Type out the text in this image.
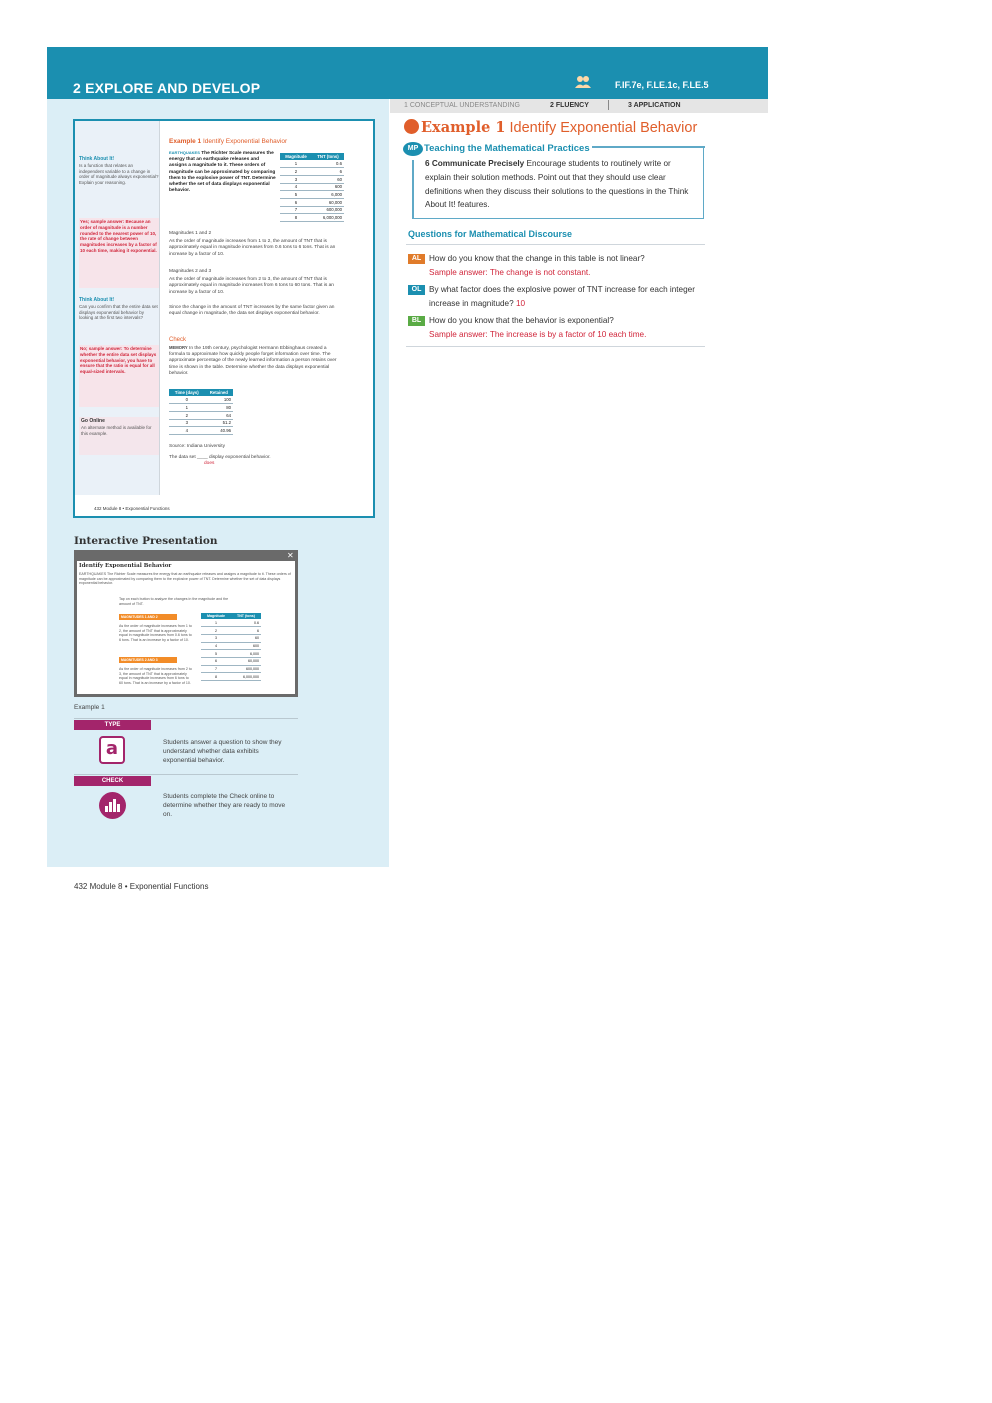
2 EXPLORE AND DEVELOP	F.IF.7e, F.LE.1c, F.LE.5
1 CONCEPTUAL UNDERSTANDING	2 FLUENCY	3 APPLICATION
Think About It!
Is a function that relates an independent variable to a change in order of magnitude always exponential? Explain your reasoning.
Yes; sample answer: Because an order of magnitude is a number rounded to the nearest power of 10, the rate of change between magnitudes increases by a factor of 10 each time, making it exponential.
Think About It!
Can you confirm that the entire data set displays exponential behavior by looking at the first two intervals?
No; sample answer: To determine whether the entire data set displays exponential behavior, you have to ensure that the ratio is equal for all equal-sized intervals.
Go Online
An alternate method is available for this example.
Example 1 Identify Exponential Behavior
EARTHQUAKES The Richter Scale measures the energy that an earthquake releases and assigns a magnitude to it. These orders of magnitude can be approximated by comparing them to the explosive power of TNT. Determine whether the set of data displays exponential behavior.
Magnitude	TNT (tons)
1	0.6
2	6
3	60
4	600
5	6,000
6	60,000
7	600,000
8	6,000,000
Magnitudes 1 and 2
As the order of magnitude increases from 1 to 2, the amount of TNT that is approximately equal in magnitude increases from 0.6 tons to 6 tons. That is an increase by a factor of 10.
Magnitudes 2 and 3
As the order of magnitude increases from 2 to 3, the amount of TNT that is approximately equal in magnitude increases from 6 tons to 60 tons. That is an increase by a factor of 10.
Since the change in the amount of TNT increases by the same factor given an equal change in magnitude, the data set displays exponential behavior.
Check
MEMORY In the 19th century, psychologist Hermann Ebbinghaus created a formula to approximate how quickly people forget information over time. The approximate percentage of the newly learned information a person retains over time is shown in the table. Determine whether the data displays exponential behavior.
Time (days)	Retained
0	100
1	80
2	64
3	51.2
4	40.96
Source: Indiana University
The data set ____ display exponential behavior.
does
432 Module 8 • Exponential Functions
Interactive Presentation
✕
Identify Exponential Behavior
EARTHQUAKES The Richter Scale measures the energy that an earthquake releases and assigns a magnitude to it. These orders of magnitude can be approximated by comparing them to the explosive power of TNT. Determine whether the set of data displays exponential behavior.
Tap on each button to analyze the changes in the magnitude and the amount of TNT.
MAGNITUDES 1 AND 2
As the order of magnitude increases from 1 to 2, the amount of TNT that is approximately equal in magnitude increases from 0.6 tons to 6 tons. That is an increase by a factor of 10.
MAGNITUDES 2 AND 3
As the order of magnitude increases from 2 to 3, the amount of TNT that is approximately equal in magnitude increases from 6 tons to 60 tons. That is an increase by a factor of 10.
Magnitude	TNT (tons)
1	0.6
2	6
3	60
4	600
5	6,000
6	60,000
7	600,000
8	6,000,000
Example 1
TYPE
a	Students answer a question to show they understand whether data exhibits exponential behavior.
CHECK
Students complete the Check online to determine whether they are ready to move on.
432 Module 8 • Exponential Functions
Example 1 Identify Exponential Behavior
MP Teaching the Mathematical Practices
6 Communicate Precisely Encourage students to routinely write or explain their solution methods. Point out that they should use clear definitions when they discuss their solutions to the questions in the Think About It! features.
Questions for Mathematical Discourse
AL How do you know that the change in this table is not linear?
Sample answer: The change is not constant.
OL By what factor does the explosive power of TNT increase for each integer increase in magnitude? 10
BL How do you know that the behavior is exponential?
Sample answer: The increase is by a factor of 10 each time.
